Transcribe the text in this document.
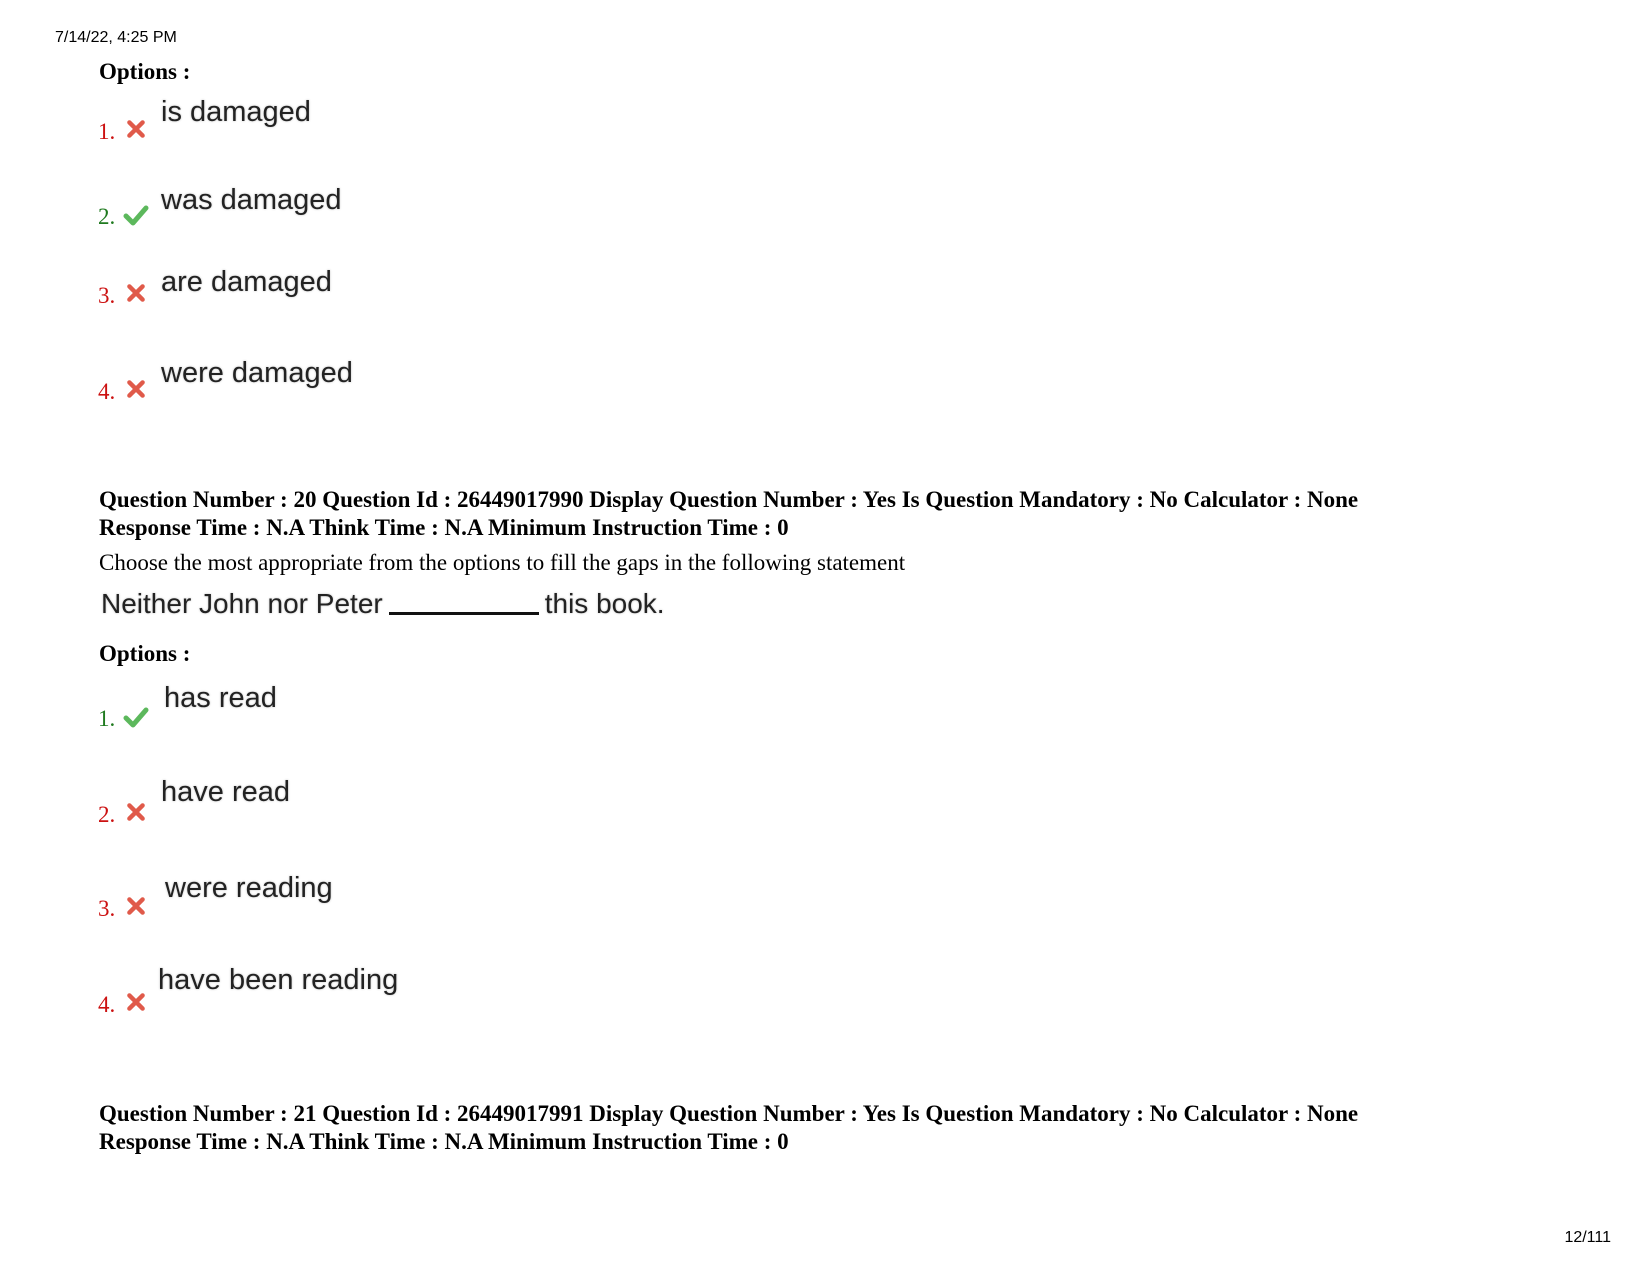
7/14/22, 4:25 PM
12/111
Options :
1.
is damaged
2.
was damaged
3. are damaged
4.
were damaged
Question Number : 20 Question Id : 26449017990 Display Question Number : Yes Is Question Mandatory : No Calculator : None
Response Time : N.A Think Time : N.A Minimum Instruction Time : 0
Choose the most appropriate from the options to fill the gaps in the following statement
Neither John nor Peter	this book.
Options :
1.
has read
2.
have read
3.
were reading
4.
have been reading
Question Number : 21 Question Id : 26449017991 Display Question Number : Yes Is Question Mandatory : No Calculator : None
Response Time : N.A Think Time : N.A Minimum Instruction Time : 0
